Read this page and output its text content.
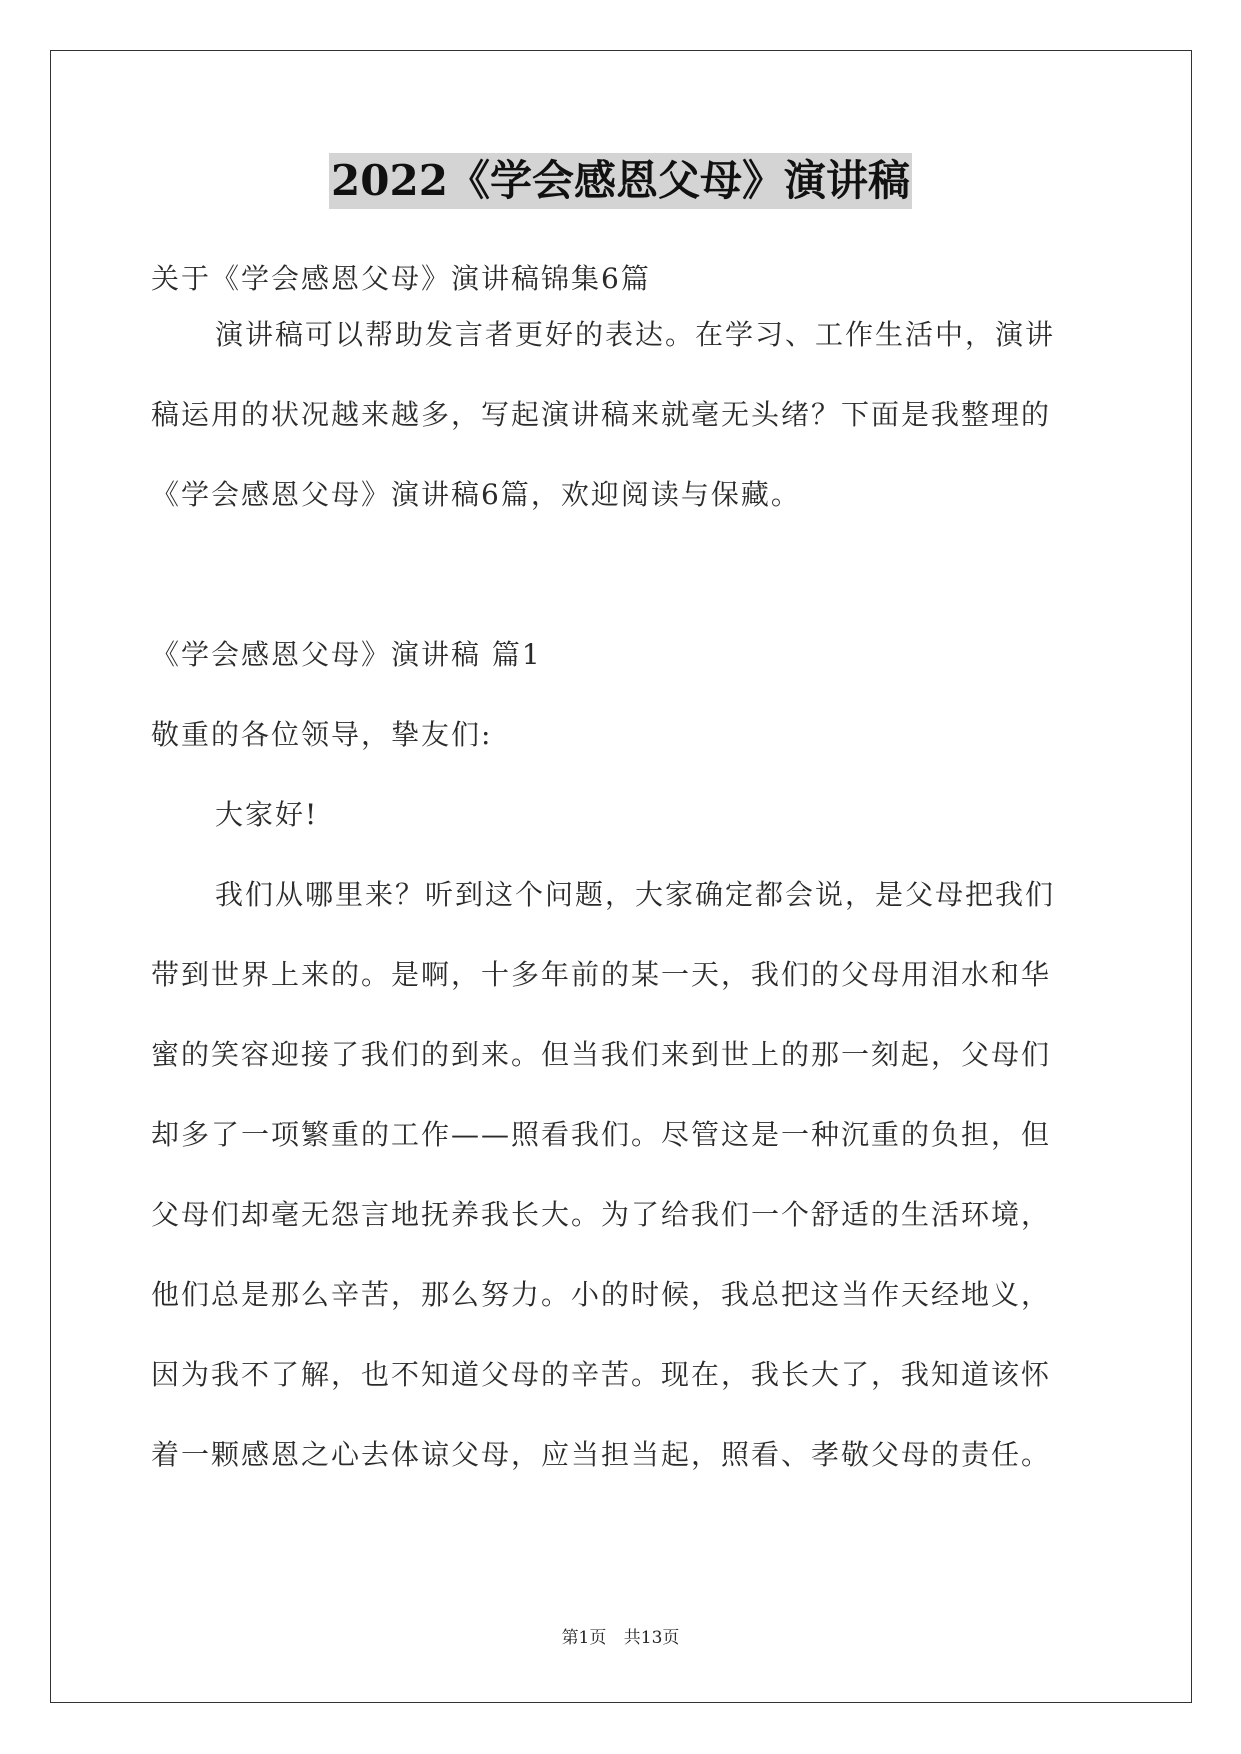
2022《学会感恩父母》演讲稿

关于《学会感恩父母》演讲稿锦集6篇

演讲稿可以帮助发言者更好的表达。在学习、工作生活中，演讲
稿运用的状况越来越多，写起演讲稿来就毫无头绪？下面是我整理的
《学会感恩父母》演讲稿6篇，欢迎阅读与保藏。

《学会感恩父母》演讲稿 篇1

敬重的各位领导，挚友们:

大家好!

我们从哪里来？听到这个问题，大家确定都会说，是父母把我们
带到世界上来的。是啊，十多年前的某一天，我们的父母用泪水和华
蜜的笑容迎接了我们的到来。但当我们来到世上的那一刻起，父母们
却多了一项繁重的工作——照看我们。尽管这是一种沉重的负担，但
父母们却毫无怨言地抚养我长大。为了给我们一个舒适的生活环境，
他们总是那么辛苦，那么努力。小的时候，我总把这当作天经地义，
因为我不了解，也不知道父母的辛苦。现在，我长大了，我知道该怀
着一颗感恩之心去体谅父母，应当担当起，照看、孝敬父母的责任。
第1页 共13页
